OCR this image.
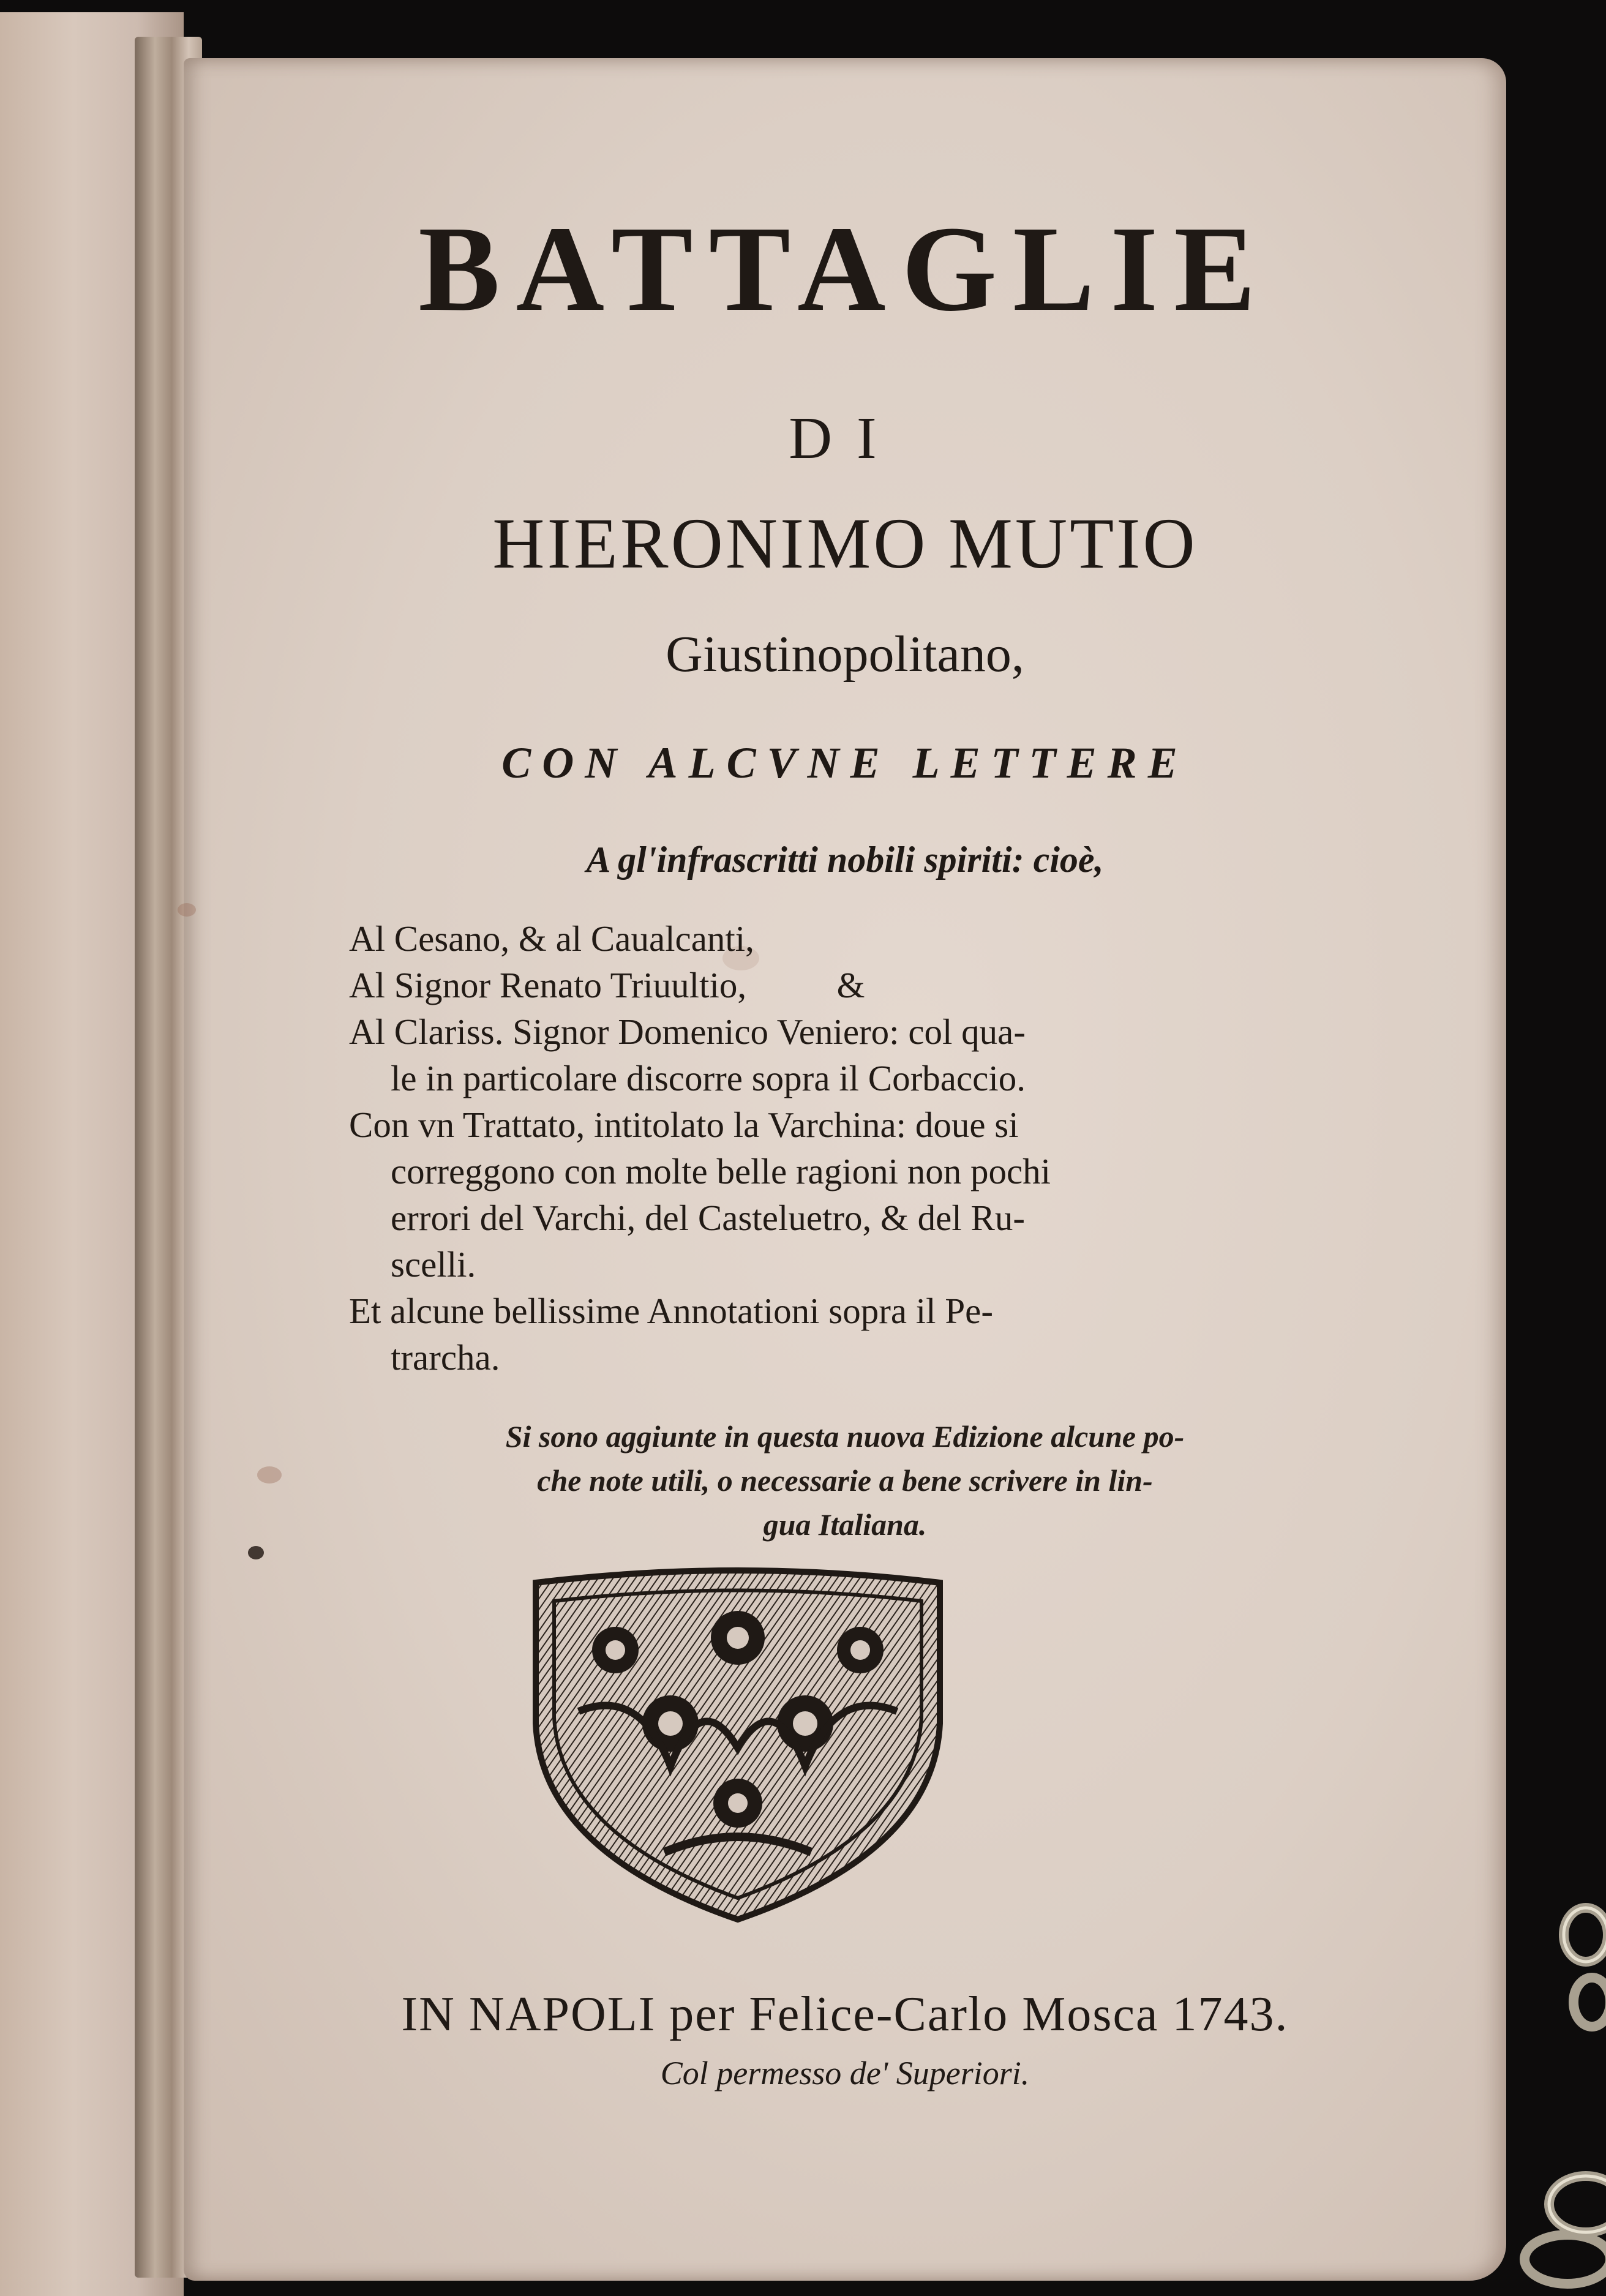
BATTAGLIE
DI
HIERONIMO MUTIO
Giustinopolitano,
CON ALCVNE LETTERE
A gl'infrascritti nobili spiriti: cioè,
Al Cesano, & al Caualcanti,
Al Signor Renato Triuultio,          &
Al Clariss. Signor Domenico Veniero: col qua-
le in particolare discorre sopra il Corbaccio.
Con vn Trattato, intitolato la Varchina: doue si
correggono con molte belle ragioni non pochi
errori del Varchi, del Casteluetro, & del Ru-
scelli.
Et alcune bellissime Annotationi sopra il Pe-
trarcha.
Si sono aggiunte in questa nuova Edizione alcune po-
che note utili, o necessarie a bene scrivere in lin-
gua Italiana.
IN NAPOLI per Felice-Carlo Mosca 1743.
Col permesso de' Superiori.
